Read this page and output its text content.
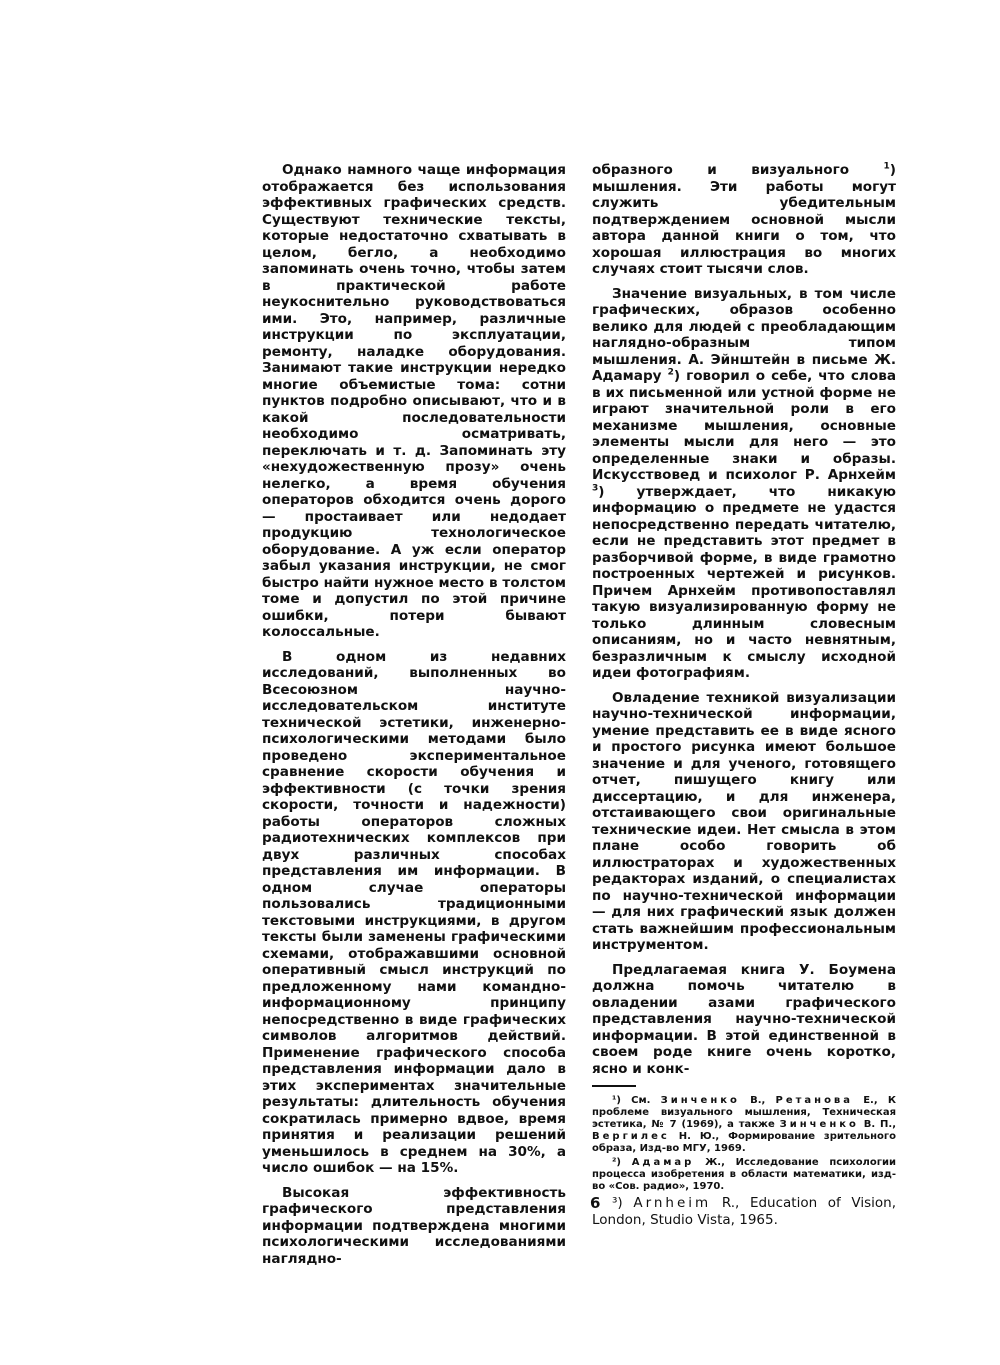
Однако намного чаще информация отображается без использования эффективных графических средств. Существуют технические тексты, которые недостаточно схватывать в целом, бегло, а необходимо запоминать очень точно, чтобы затем в практической работе неукоснительно руководствоваться ими. Это, например, различные инструкции по эксплуатации, ремонту, наладке оборудования. Занимают такие инструкции нередко многие объемистые тома: сотни пунктов подробно описывают, что и в какой последовательности необходимо осматривать, переключать и т. д. Запоминать эту «нехудожественную прозу» очень нелегко, а время обучения операторов обходится очень дорого — простаивает или недодает продукцию технологическое оборудование. А уж если оператор забыл указания инструкции, не смог быстро найти нужное место в толстом томе и допустил по этой причине ошибки, потери бывают колоссальные.

В одном из недавних исследований, выполненных во Всесоюзном научно-исследовательском институте технической эстетики, инженерно-психологическими методами было проведено экспериментальное сравнение скорости обучения и эффективности (с точки зрения скорости, точности и надежности) работы операторов сложных радиотехнических комплексов при двух различных способах представления им информации. В одном случае операторы пользовались традиционными текстовыми инструкциями, в другом тексты были заменены графическими схемами, отображавшими основной оперативный смысл инструкций по предложенному нами командно-информационному принципу непосредственно в виде графических символов алгоритмов действий. Применение графического способа представления информации дало в этих экспериментах значительные результаты: длительность обучения сократилась примерно вдвое, время принятия и реализации решений уменьшилось в среднем на 30%, а число ошибок — на 15%.

Высокая эффективность графического представления информации подтверждена многими психологическими исследованиями наглядно-

образного и визуального $^1$) мышления. Эти работы могут служить убедительным подтверждением основной мысли автора данной книги о том, что хорошая иллюстрация во многих случаях стоит тысячи слов.

Значение визуальных, в том числе графических, образов особенно велико для людей с преобладающим наглядно-образным типом мышления. А. Эйнштейн в письме Ж. Адамару $^2$) говорил о себе, что слова в их письменной или устной форме не играют значительной роли в его механизме мышления, основные элементы мысли для него — это определенные знаки и образы. Искусствовед и психолог Р. Арнхейм $^3$) утверждает, что никакую информацию о предмете не удастся непосредственно передать читателю, если не представить этот предмет в разборчивой форме, в виде грамотно построенных чертежей и рисунков. Причем Арнхейм противопоставлял такую визуализированную форму не только длинным словесным описаниям, но и часто невнятным, безразличным к смыслу исходной идеи фотографиям.

Овладение техникой визуализации научно-технической информации, умение представить ее в виде ясного и простого рисунка имеют большое значение и для ученого, готовящего отчет, пишущего книгу или диссертацию, и для инженера, отстаивающего свои оригинальные технические идеи. Нет смысла в этом плане особо говорить об иллюстраторах и художественных редакторах изданий, о специалистах по научно-технической информации — для них графический язык должен стать важнейшим профессиональным инструментом.

Предлагаемая книга У. Боумена должна помочь читателю в овладении азами графического представления научно-технической информации. В этой единственной в своем роде книге очень коротко, ясно и конк-

¹) См. Зинченко В., Ретанова Е., К проблеме визуального мышления, Техническая эстетика, № 7 (1969), а также Зинченко В. П., Вергилес Н. Ю., Формирование зрительного образа, Изд-во МГУ, 1969.

²) Адамар Ж., Исследование психологии процесса изобретения в области математики, изд-во «Сов. радио», 1970.

³) Arnheim R., Education of Vision, London, Studio Vista, 1965.

6
